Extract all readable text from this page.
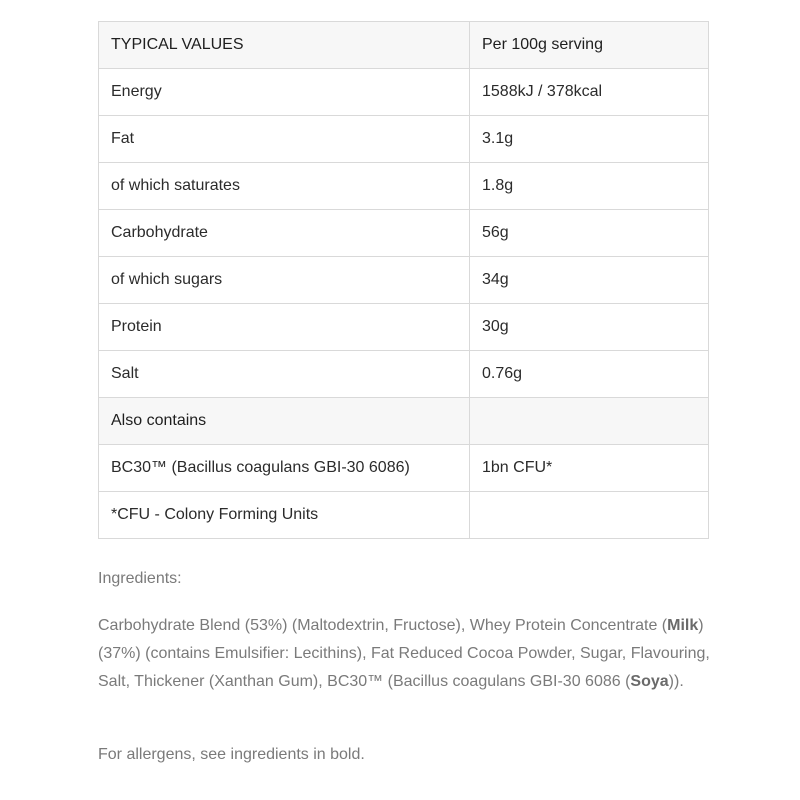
TYPICAL VALUES	Per 100g serving
Energy	1588kJ / 378kcal
Fat	3.1g
of which saturates	1.8g
Carbohydrate	56g
of which sugars	34g
Protein	30g
Salt	0.76g
Also contains	
BC30™ (Bacillus coagulans GBI-30 6086)	1bn CFU*
*CFU - Colony Forming Units	
Ingredients:
Carbohydrate Blend (53%) (Maltodextrin, Fructose), Whey Protein Concentrate (Milk) (37%) (contains Emulsifier: Lecithins), Fat Reduced Cocoa Powder, Sugar, Flavouring, Salt, Thickener (Xanthan Gum), BC30™ (Bacillus coagulans GBI-30 6086 (Soya)).
For allergens, see ingredients in bold.
